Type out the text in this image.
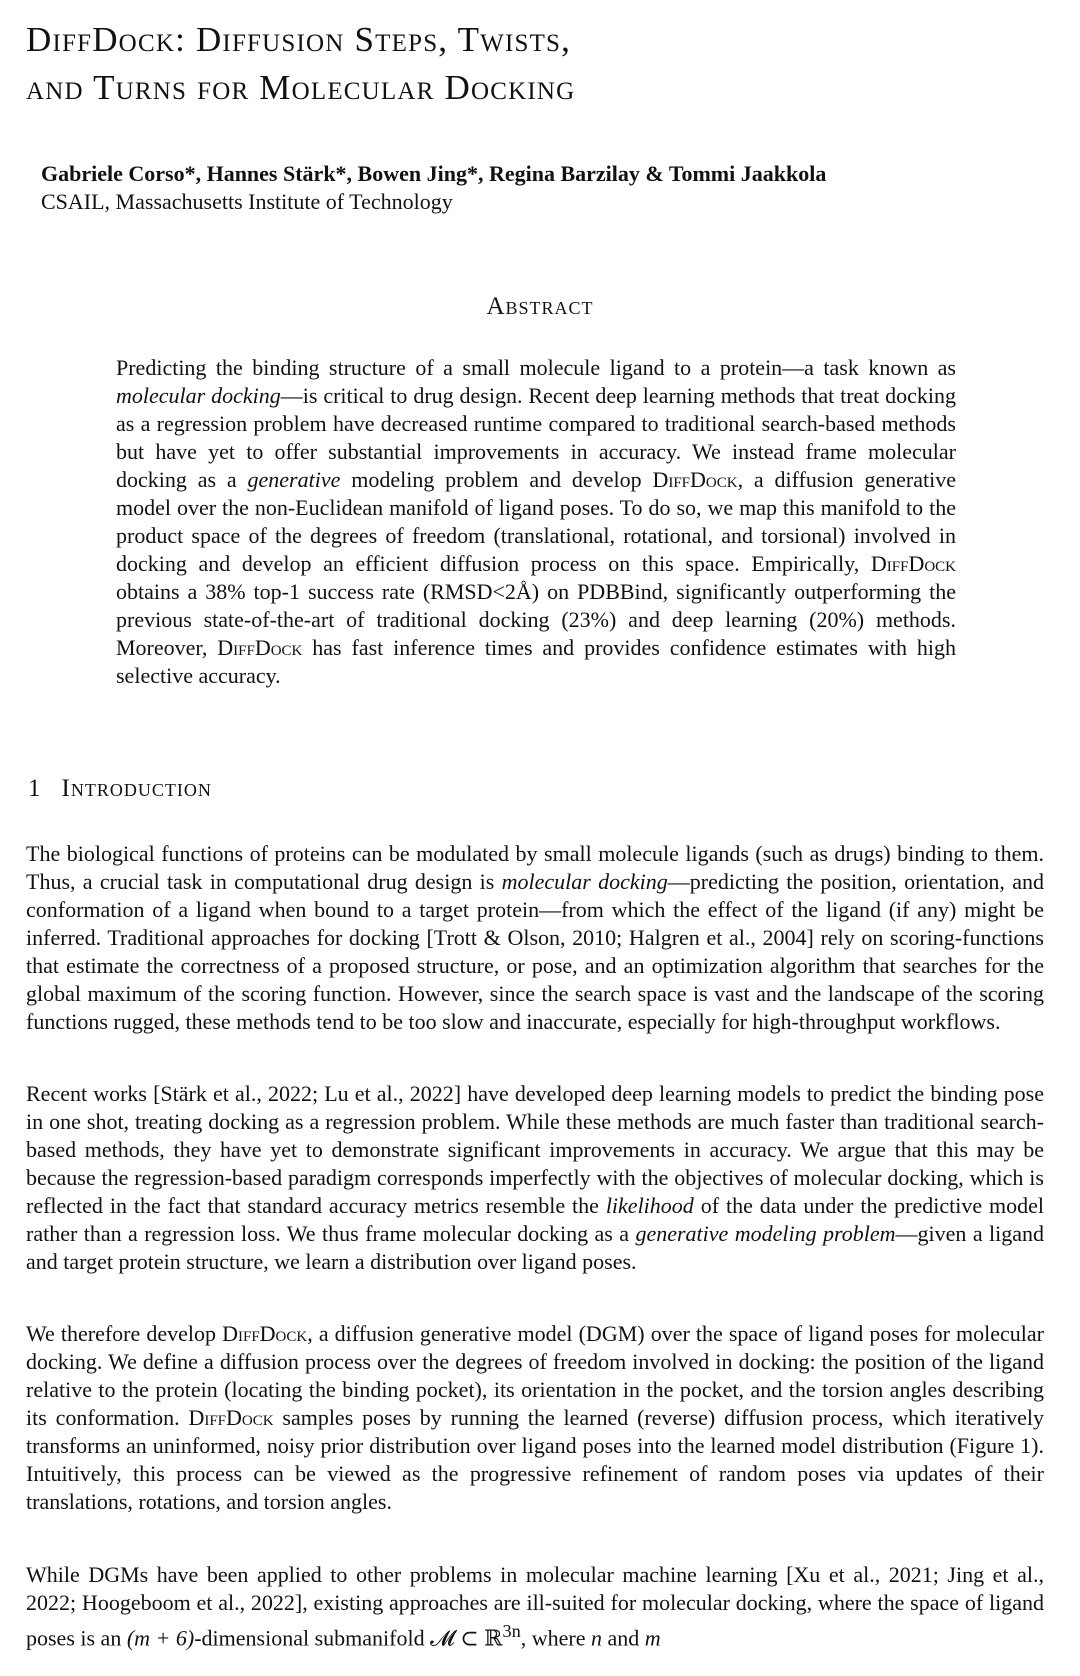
DiffDock: Diffusion Steps, Twists,
and Turns for Molecular Docking
Gabriele Corso*, Hannes Stärk*, Bowen Jing*, Regina Barzilay & Tommi Jaakkola
CSAIL, Massachusetts Institute of Technology
Abstract

Predicting the binding structure of a small molecule ligand to a protein—a task known as molecular docking—is critical to drug design. Recent deep learning methods that treat docking as a regression problem have decreased runtime compared to traditional search-based methods but have yet to offer substantial improvements in accuracy. We instead frame molecular docking as a generative modeling problem and develop DiffDock, a diffusion generative model over the non-Euclidean manifold of ligand poses. To do so, we map this manifold to the product space of the degrees of freedom (translational, rotational, and torsional) involved in docking and develop an efficient diffusion process on this space. Empirically, DiffDock obtains a 38% top-1 success rate (RMSD<2Å) on PDBBind, significantly outperforming the previous state-of-the-art of traditional docking (23%) and deep learning (20%) methods. Moreover, DiffDock has fast inference times and provides confidence estimates with high selective accuracy.

1 Introduction

The biological functions of proteins can be modulated by small molecule ligands (such as drugs) binding to them. Thus, a crucial task in computational drug design is molecular docking—predicting the position, orientation, and conformation of a ligand when bound to a target protein—from which the effect of the ligand (if any) might be inferred. Traditional approaches for docking [Trott & Olson, 2010; Halgren et al., 2004] rely on scoring-functions that estimate the correctness of a proposed structure, or pose, and an optimization algorithm that searches for the global maximum of the scoring function. However, since the search space is vast and the landscape of the scoring functions rugged, these methods tend to be too slow and inaccurate, especially for high-throughput workflows.

Recent works [Stärk et al., 2022; Lu et al., 2022] have developed deep learning models to predict the binding pose in one shot, treating docking as a regression problem. While these methods are much faster than traditional search-based methods, they have yet to demonstrate significant improvements in accuracy. We argue that this may be because the regression-based paradigm corresponds imperfectly with the objectives of molecular docking, which is reflected in the fact that standard accuracy metrics resemble the likelihood of the data under the predictive model rather than a regression loss. We thus frame molecular docking as a generative modeling problem—given a ligand and target protein structure, we learn a distribution over ligand poses.

We therefore develop DiffDock, a diffusion generative model (DGM) over the space of ligand poses for molecular docking. We define a diffusion process over the degrees of freedom involved in docking: the position of the ligand relative to the protein (locating the binding pocket), its orientation in the pocket, and the torsion angles describing its conformation. DiffDock samples poses by running the learned (reverse) diffusion process, which iteratively transforms an uninformed, noisy prior distribution over ligand poses into the learned model distribution (Figure 1). Intuitively, this process can be viewed as the progressive refinement of random poses via updates of their translations, rotations, and torsion angles.

While DGMs have been applied to other problems in molecular machine learning [Xu et al., 2021; Jing et al., 2022; Hoogeboom et al., 2022], existing approaches are ill-suited for molecular docking, where the space of ligand poses is an (m + 6)-dimensional submanifold 𝓜 ⊂ ℝ$^{3n}$, where n and m
